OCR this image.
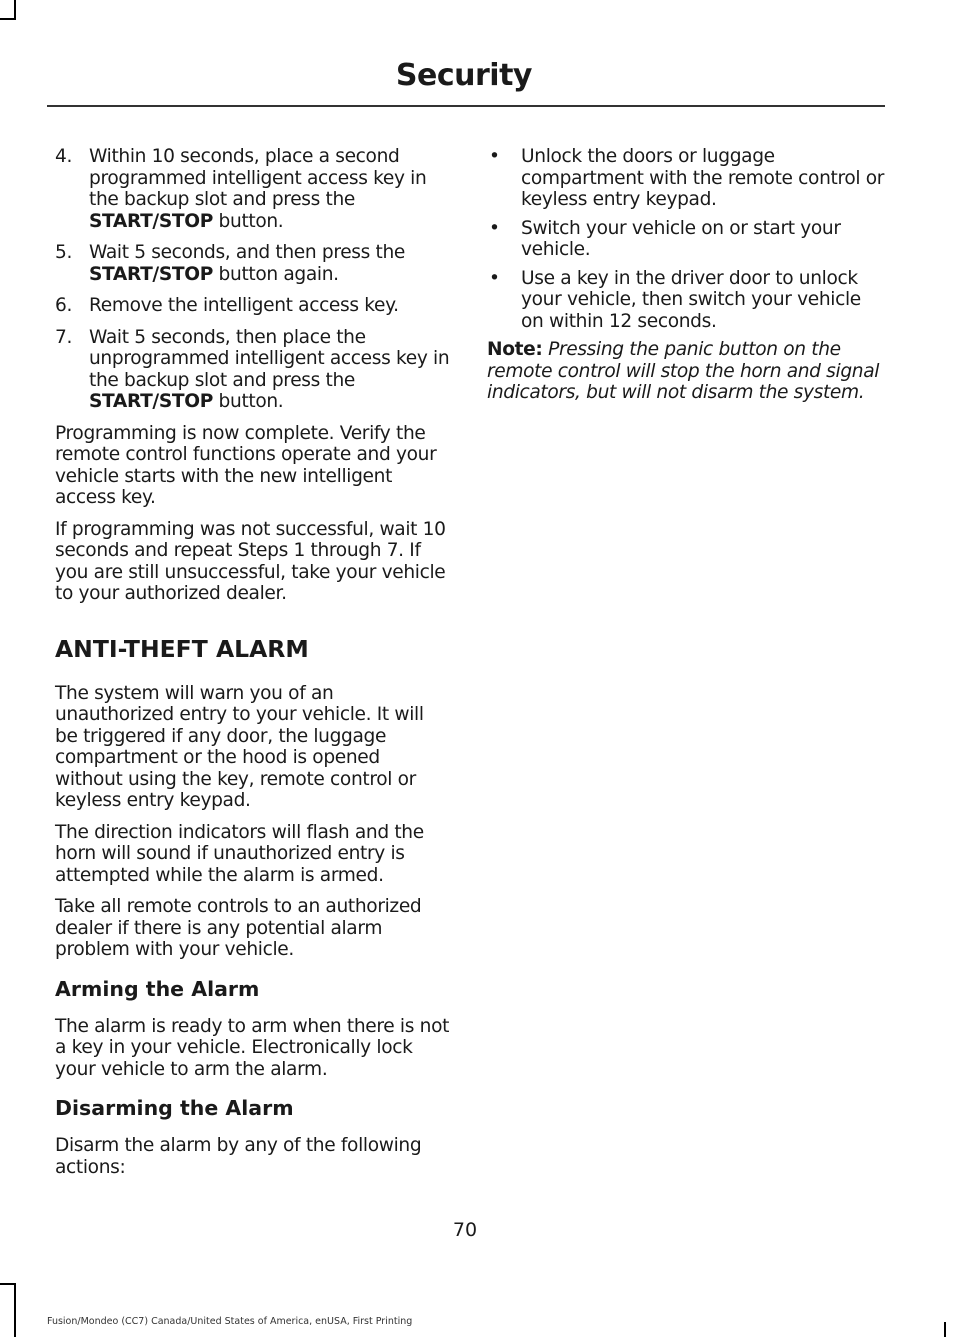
Security
4. Within 10 seconds, place a second programmed intelligent access key in the backup slot and press the START/STOP button.
5. Wait 5 seconds, and then press the START/STOP button again.
6. Remove the intelligent access key.
7. Wait 5 seconds, then place the unprogrammed intelligent access key in the backup slot and press the START/STOP button.

Programming is now complete. Verify the remote control functions operate and your vehicle starts with the new intelligent access key.

If programming was not successful, wait 10 seconds and repeat Steps 1 through 7. If you are still unsuccessful, take your vehicle to your authorized dealer.

ANTI-THEFT ALARM

The system will warn you of an unauthorized entry to your vehicle. It will be triggered if any door, the luggage compartment or the hood is opened without using the key, remote control or keyless entry keypad.

The direction indicators will flash and the horn will sound if unauthorized entry is attempted while the alarm is armed.

Take all remote controls to an authorized dealer if there is any potential alarm problem with your vehicle.

Arming the Alarm

The alarm is ready to arm when there is not a key in your vehicle. Electronically lock your vehicle to arm the alarm.

Disarming the Alarm

Disarm the alarm by any of the following actions:

• Unlock the doors or luggage compartment with the remote control or keyless entry keypad.
• Switch your vehicle on or start your vehicle.
• Use a key in the driver door to unlock your vehicle, then switch your vehicle on within 12 seconds.

Note: Pressing the panic button on the remote control will stop the horn and signal indicators, but will not disarm the system.

70
Fusion/Mondeo (CC7) Canada/United States of America, enUSA, First Printing
